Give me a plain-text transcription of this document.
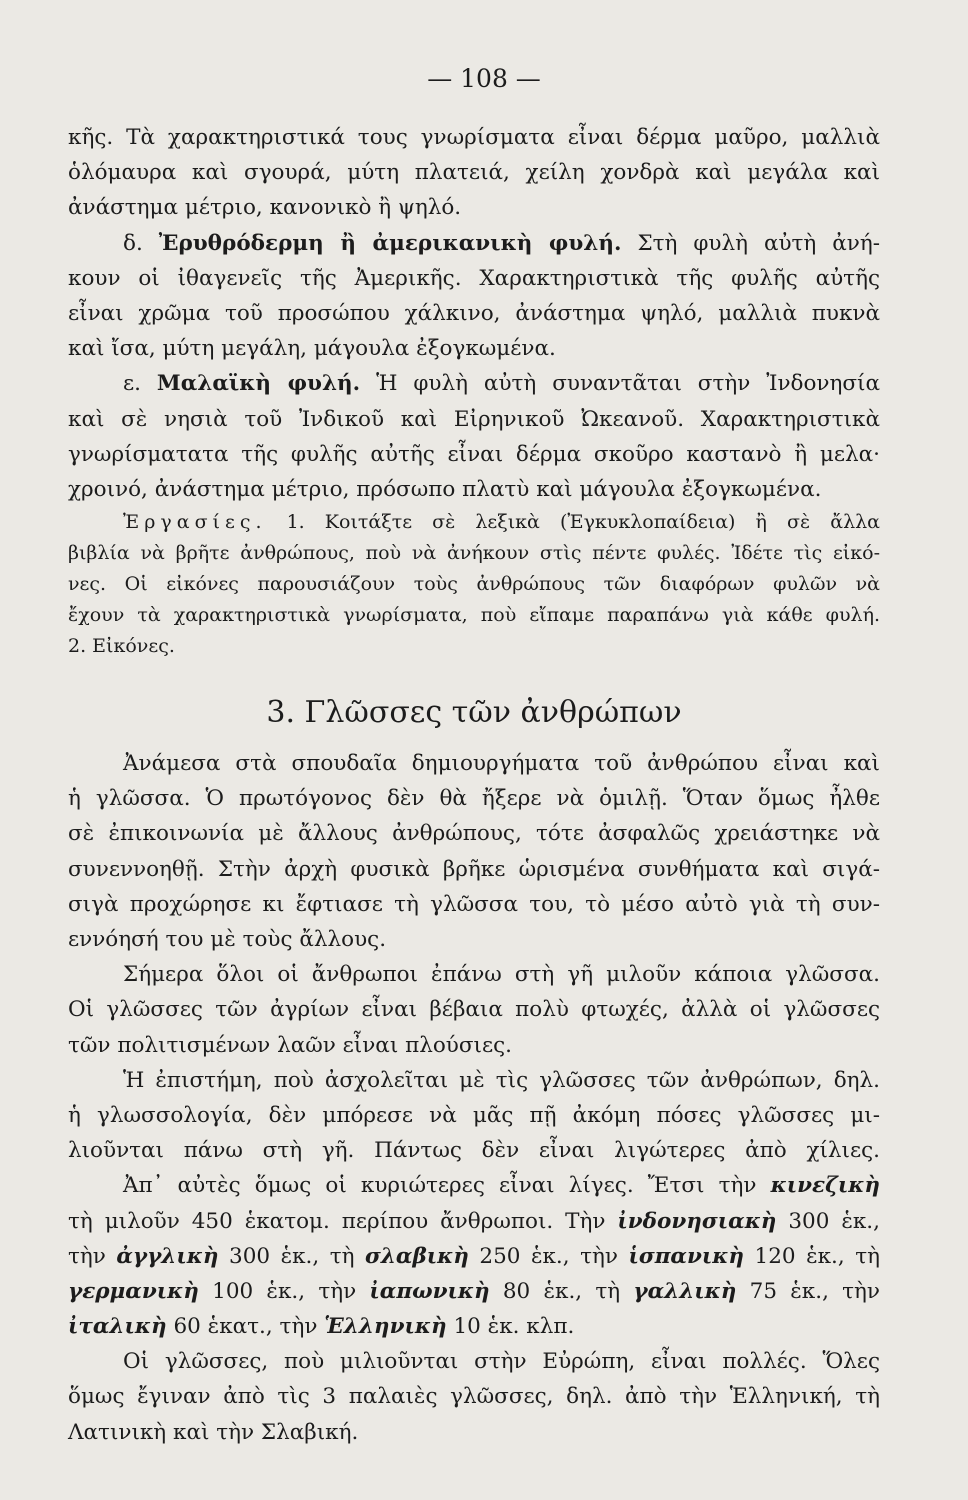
— 108 —
κῆς. Τὰ χαρακτηριστικά τους γνωρίσματα εἶναι δέρμα μαῦρο, μαλλιὰ
ὁλόμαυρα καὶ σγουρά, μύτη πλατειά, χείλη χονδρὰ καὶ μεγάλα καὶ
ἀνάστημα μέτριο, κανονικὸ ἢ ψηλό.
δ. Ἐρυθρόδερμη ἢ ἀμερικανικὴ φυλή. Στὴ φυλὴ αὐτὴ ἀνή-
κουν οἱ ἰθαγενεῖς τῆς Ἀμερικῆς. Χαρακτηριστικὰ τῆς φυλῆς αὐτῆς
εἶναι χρῶμα τοῦ προσώπου χάλκινο, ἀνάστημα ψηλό, μαλλιὰ πυκνὰ
καὶ ἴσα, μύτη μεγάλη, μάγουλα ἐξογκωμένα.
ε. Μαλαϊκὴ φυλή. Ἡ φυλὴ αὐτὴ συναντᾶται στὴν Ἰνδονησία
καὶ σὲ νησιὰ τοῦ Ἰνδικοῦ καὶ Εἰρηνικοῦ Ὠκεανοῦ. Χαρακτηριστικὰ
γνωρίσματατα τῆς φυλῆς αὐτῆς εἶναι δέρμα σκοῦρο καστανὸ ἢ μελα·
χροινό, ἀνάστημα μέτριο, πρόσωπο πλατὺ καὶ μάγουλα ἐξογκωμένα.
Ἐργασίες. 1. Κοιτάξτε σὲ λεξικὰ (Ἐγκυκλοπαίδεια) ἢ σὲ ἄλλα
βιβλία νὰ βρῆτε ἀνθρώπους, ποὺ νὰ ἀνήκουν στὶς πέντε φυλές. Ἰδέτε τὶς εἰκό-
νες. Οἱ εἰκόνες παρουσιάζουν τοὺς ἀνθρώπους τῶν διαφόρων φυλῶν νὰ
ἔχουν τὰ χαρακτηριστικὰ γνωρίσματα, ποὺ εἴπαμε παραπάνω γιὰ κάθε φυλή.
2. Εἰκόνες.
3. Γλῶσσες τῶν ἀνθρώπων
Ἀνάμεσα στὰ σπουδαῖα δημιουργήματα τοῦ ἀνθρώπου εἶναι καὶ
ἡ γλῶσσα. Ὁ πρωτόγονος δὲν θὰ ἤξερε νὰ ὁμιλῇ. Ὅταν ὅμως ἦλθε
σὲ ἐπικοινωνία μὲ ἄλλους ἀνθρώπους, τότε ἀσφαλῶς χρειάστηκε νὰ
συνεννοηθῇ. Στὴν ἀρχὴ φυσικὰ βρῆκε ὡρισμένα συνθήματα καὶ σιγά-
σιγὰ προχώρησε κι ἔφτιασε τὴ γλῶσσα του, τὸ μέσο αὐτὸ γιὰ τὴ συν-
εννόησή του μὲ τοὺς ἄλλους.
Σήμερα ὅλοι οἱ ἄνθρωποι ἐπάνω στὴ γῆ μιλοῦν κάποια γλῶσσα.
Οἱ γλῶσσες τῶν ἀγρίων εἶναι βέβαια πολὺ φτωχές, ἀλλὰ οἱ γλῶσσες
τῶν πολιτισμένων λαῶν εἶναι πλούσιες.
Ἡ ἐπιστήμη, ποὺ ἀσχολεῖται μὲ τὶς γλῶσσες τῶν ἀνθρώπων, δηλ.
ἡ γλωσσολογία, δὲν μπόρεσε νὰ μᾶς πῇ ἀκόμη πόσες γλῶσσες μι-
λιοῦνται πάνω στὴ γῆ. Πάντως δὲν εἶναι λιγώτερες ἀπὸ χίλιες.
Ἀπ᾿ αὐτὲς ὅμως οἱ κυριώτερες εἶναι λίγες. Ἔτσι τὴν κινεζικὴ
τὴ μιλοῦν 450 ἑκατομ. περίπου ἄνθρωποι. Τὴν ἰνδονησιακὴ 300 ἑκ.,
τὴν ἀγγλικὴ 300 ἑκ., τὴ σλαβικὴ 250 ἑκ., τὴν ἱσπανικὴ 120 ἑκ., τὴ
γερμανικὴ 100 ἑκ., τὴν ἰαπωνικὴ 80 ἑκ., τὴ γαλλικὴ 75 ἑκ., τὴν
ἰταλικὴ 60 ἑκατ., τὴν Ἑλληνικὴ 10 ἑκ. κλπ.
Οἱ γλῶσσες, ποὺ μιλιοῦνται στὴν Εὐρώπη, εἶναι πολλές. Ὅλες
ὅμως ἔγιναν ἀπὸ τὶς 3 παλαιὲς γλῶσσες, δηλ. ἀπὸ τὴν Ἑλληνική, τὴ
Λατινικὴ καὶ τὴν Σλαβική.
